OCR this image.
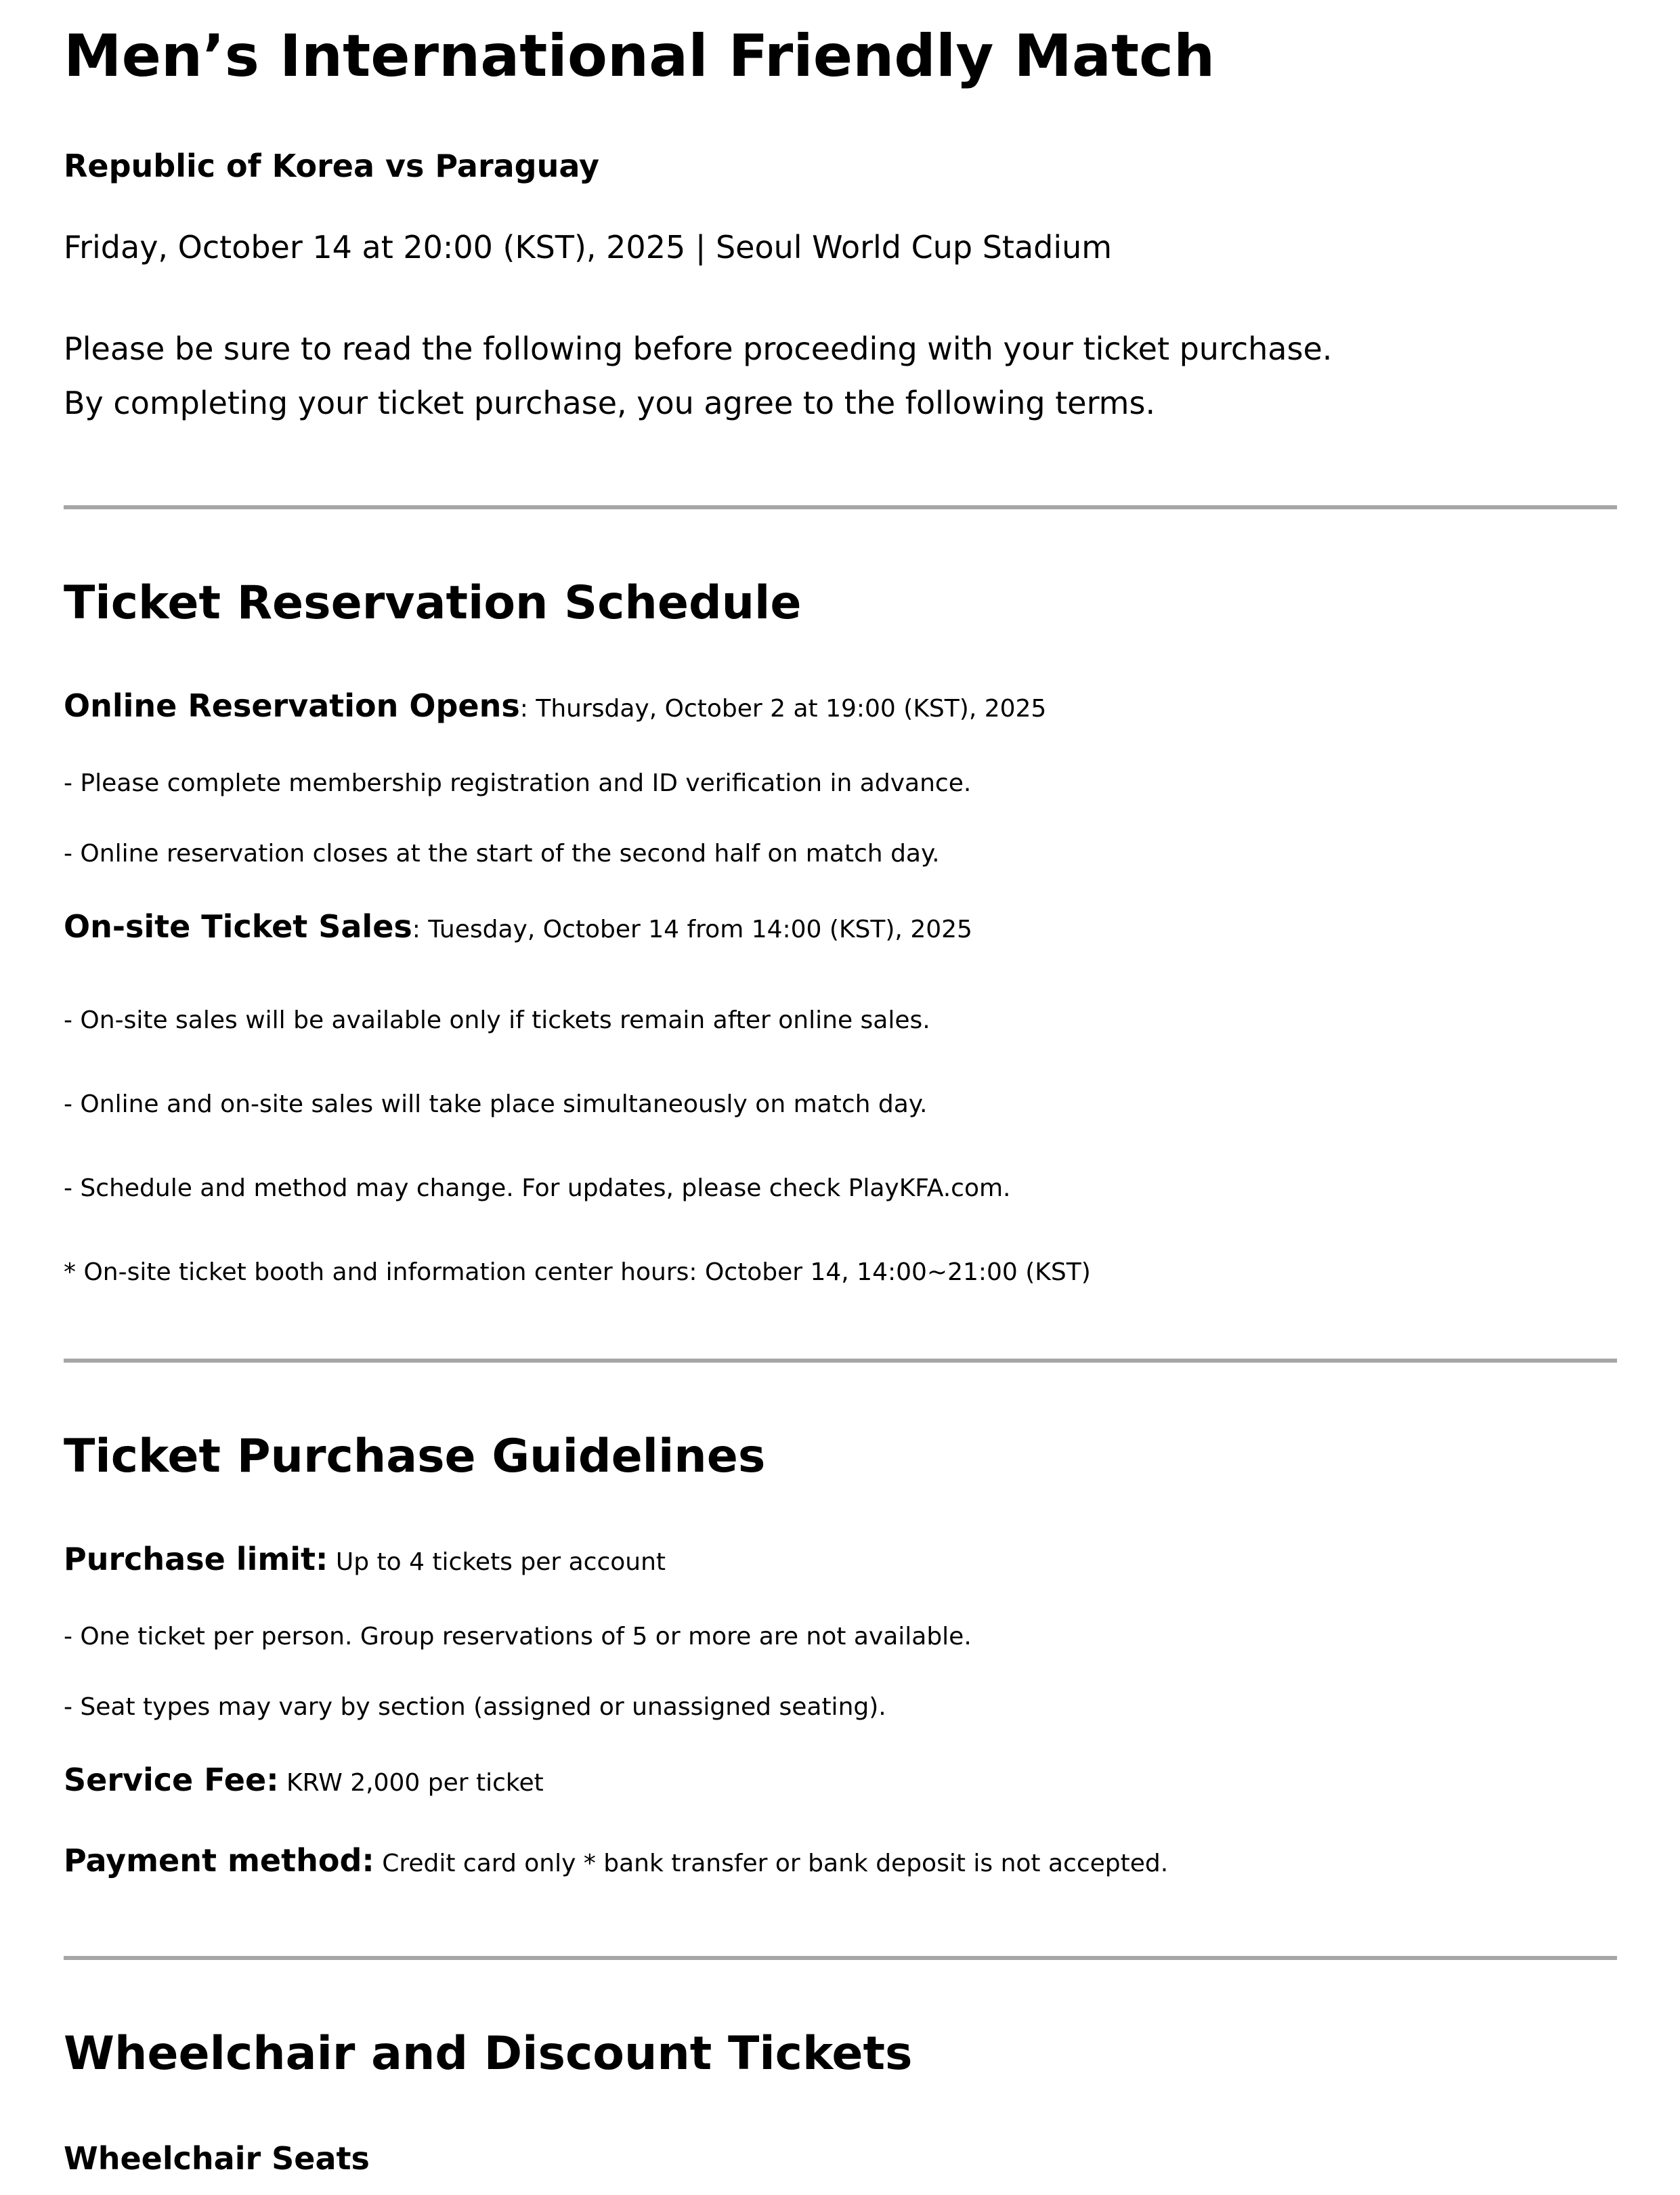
Men’s International Friendly Match

Republic of Korea vs Paraguay

Friday, October 14 at 20:00 (KST), 2025 | Seoul World Cup Stadium

Please be sure to read the following before proceeding with your ticket purchase.
By completing your ticket purchase, you agree to the following terms.

Ticket Reservation Schedule

Online Reservation Opens: Thursday, October 2 at 19:00 (KST), 2025

- Please complete membership registration and ID verification in advance.

- Online reservation closes at the start of the second half on match day.

On-site Ticket Sales: Tuesday, October 14 from 14:00 (KST), 2025

- On-site sales will be available only if tickets remain after online sales.

- Online and on-site sales will take place simultaneously on match day.

- Schedule and method may change. For updates, please check PlayKFA.com.

* On-site ticket booth and information center hours: October 14, 14:00~21:00 (KST)

Ticket Purchase Guidelines

Purchase limit: Up to 4 tickets per account

- One ticket per person. Group reservations of 5 or more are not available.

- Seat types may vary by section (assigned or unassigned seating).

Service Fee: KRW 2,000 per ticket

Payment method: Credit card only * bank transfer or bank deposit is not accepted.

Wheelchair and Discount Tickets

Wheelchair Seats
